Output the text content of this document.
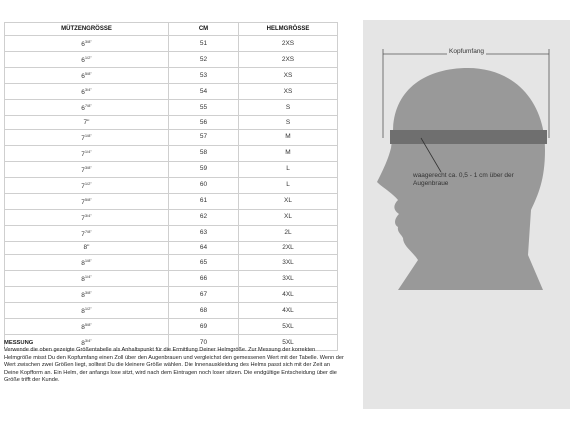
MÜTZENGRÖSSE	CM	HELMGRÖSSE
$6^{3/8"}$	51	2XS
$6^{1/2"}$	52	2XS
$6^{5/8"}$	53	XS
$6^{3/4"}$	54	XS
$6^{7/8"}$	55	S
7"	56	S
$7^{1/8"}$	57	M
$7^{1/4"}$	58	M
$7^{3/8"}$	59	L
$7^{1/2"}$	60	L
$7^{5/8"}$	61	XL
$7^{3/4"}$	62	XL
$7^{7/8"}$	63	2L
8"	64	2XL
$8^{1/8"}$	65	3XL
$8^{1/4"}$	66	3XL
$8^{3/8"}$	67	4XL
$8^{1/2"}$	68	4XL
$8^{5/8"}$	69	5XL
$8^{3/4"}$	70	5XL
MESSUNG
Verwende die oben gezeigte Größentabelle als Anhaltspunkt für die Ermittlung Deiner Helmgröße. Zur Messung der korrekten Helmgröße misst Du den Kopfumfang einen Zoll über den Augenbrauen und vergleichst den gemessenen Wert mit der Tabelle. Wenn der Wert zwischen zwei Größen liegt, solltest Du die kleinere Größe wählen. Die Innenauskleidung des Helms passt sich mit der Zeit an Deine Kopfform an. Ein Helm, der anfangs lose sitzt, wird nach dem Eintragen noch loser sitzen. Die endgültige Entscheidung über die Größe trifft der Kunde.
Kopfumfang
waagerecht ca. 0,5 - 1 cm über der Augenbraue
